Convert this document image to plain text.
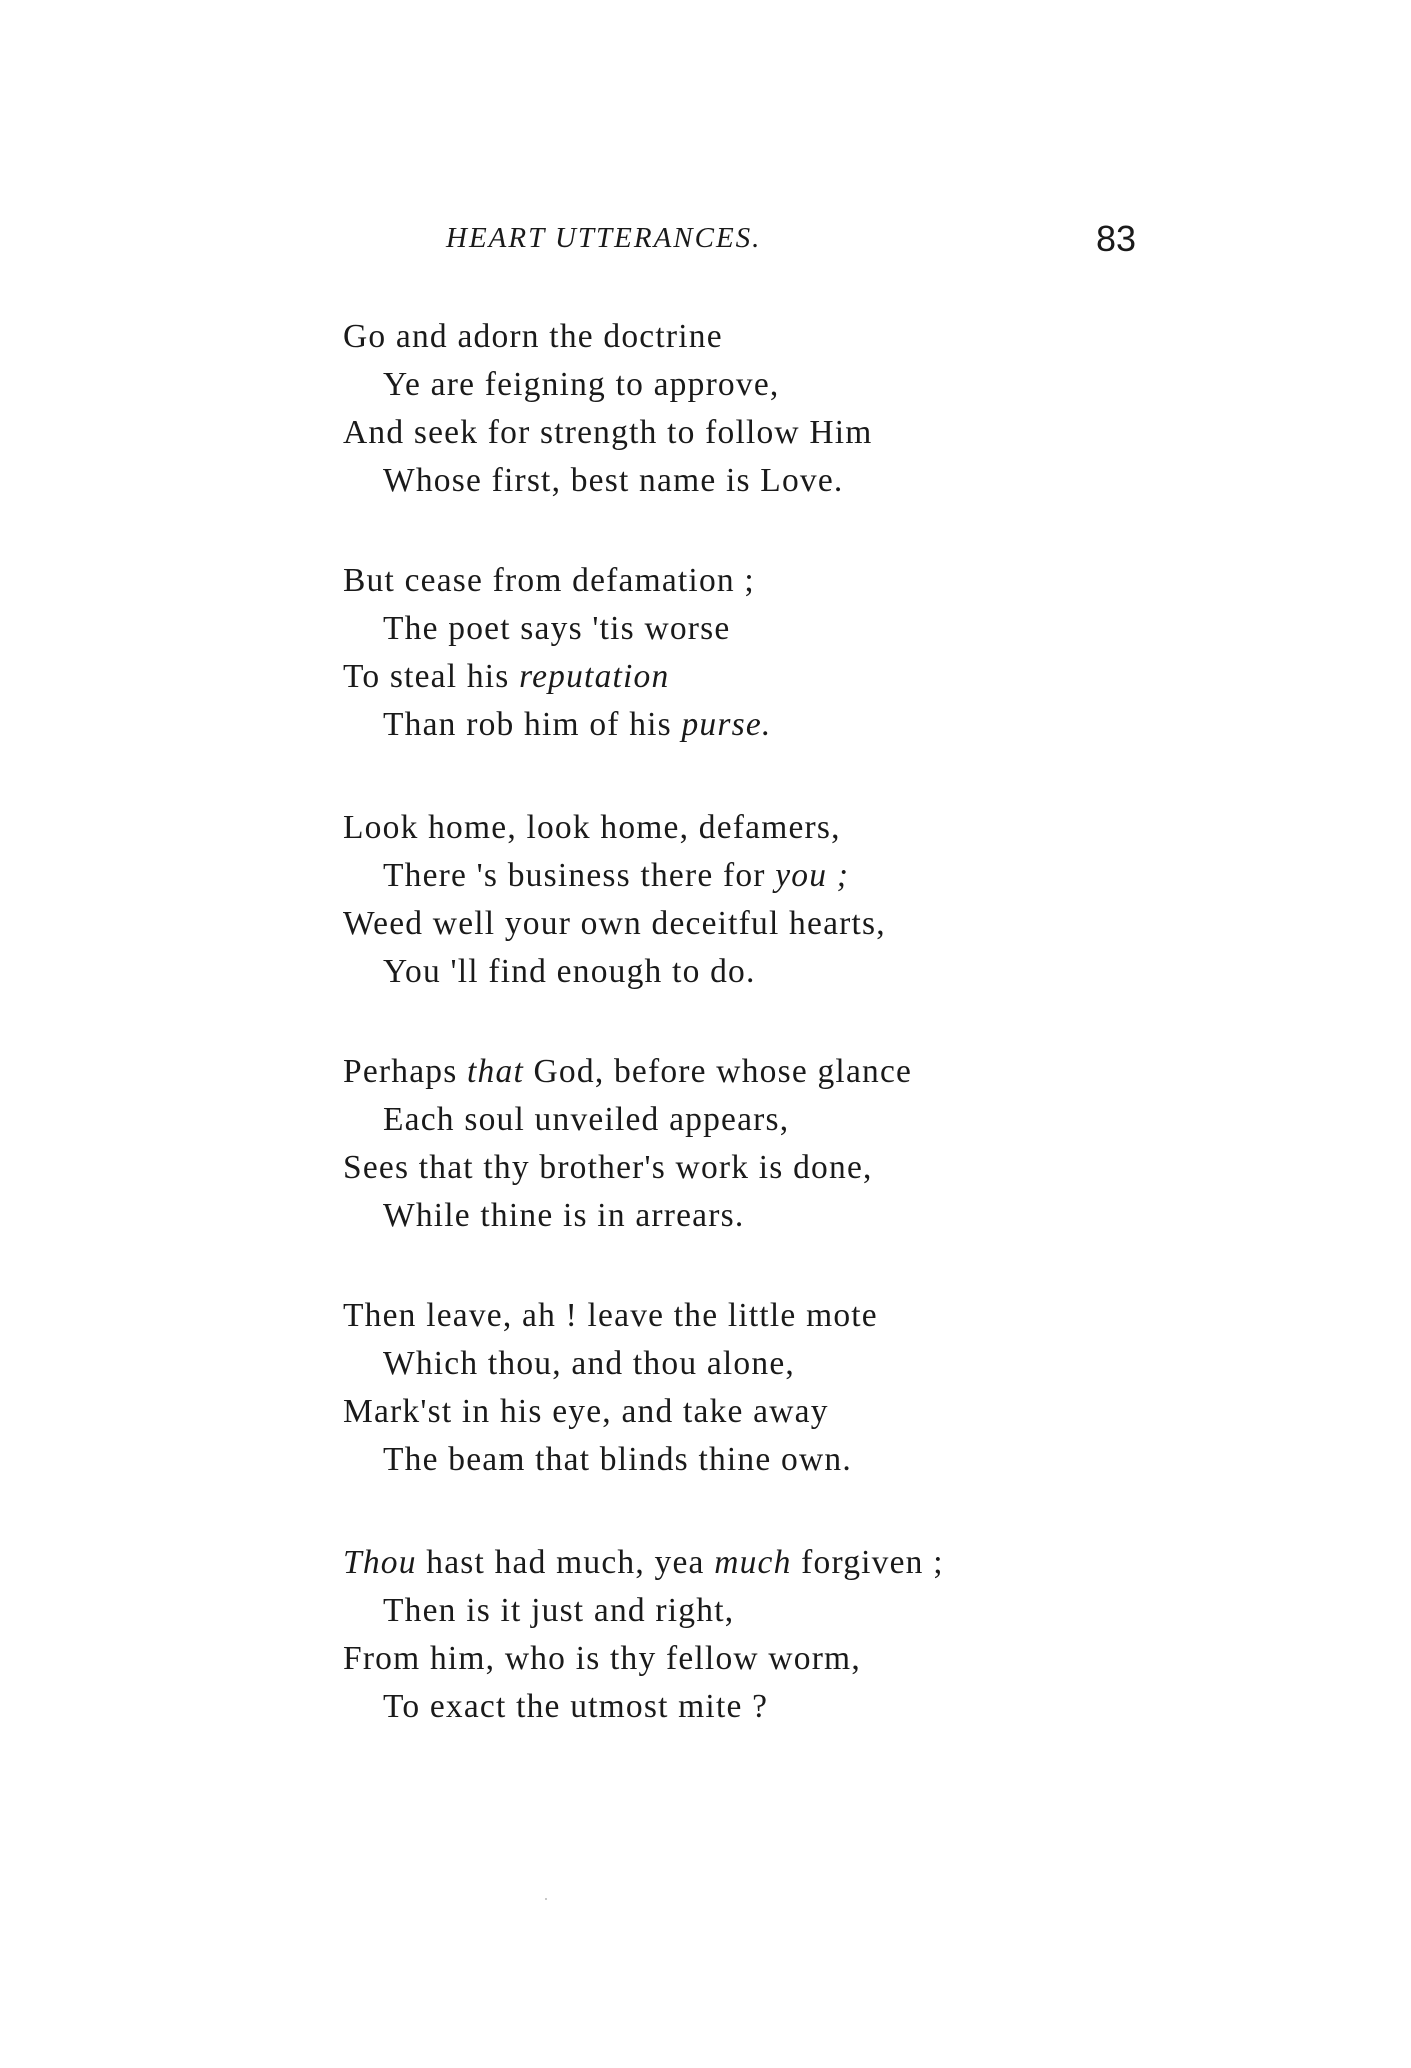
HEART UTTERANCES.	83
Go and adorn the doctrine
Ye are feigning to approve,
And seek for strength to follow Him
Whose first, best name is Love.
But cease from defamation ;
The poet says 'tis worse
To steal his reputation
Than rob him of his purse.
Look home, look home, defamers,
There 's business there for you ;
Weed well your own deceitful hearts,
You 'll find enough to do.
Perhaps that God, before whose glance
Each soul unveiled appears,
Sees that thy brother's work is done,
While thine is in arrears.
Then leave, ah ! leave the little mote
Which thou, and thou alone,
Mark'st in his eye, and take away
The beam that blinds thine own.
Thou hast had much, yea much forgiven ;
Then is it just and right,
From him, who is thy fellow worm,
To exact the utmost mite ?
